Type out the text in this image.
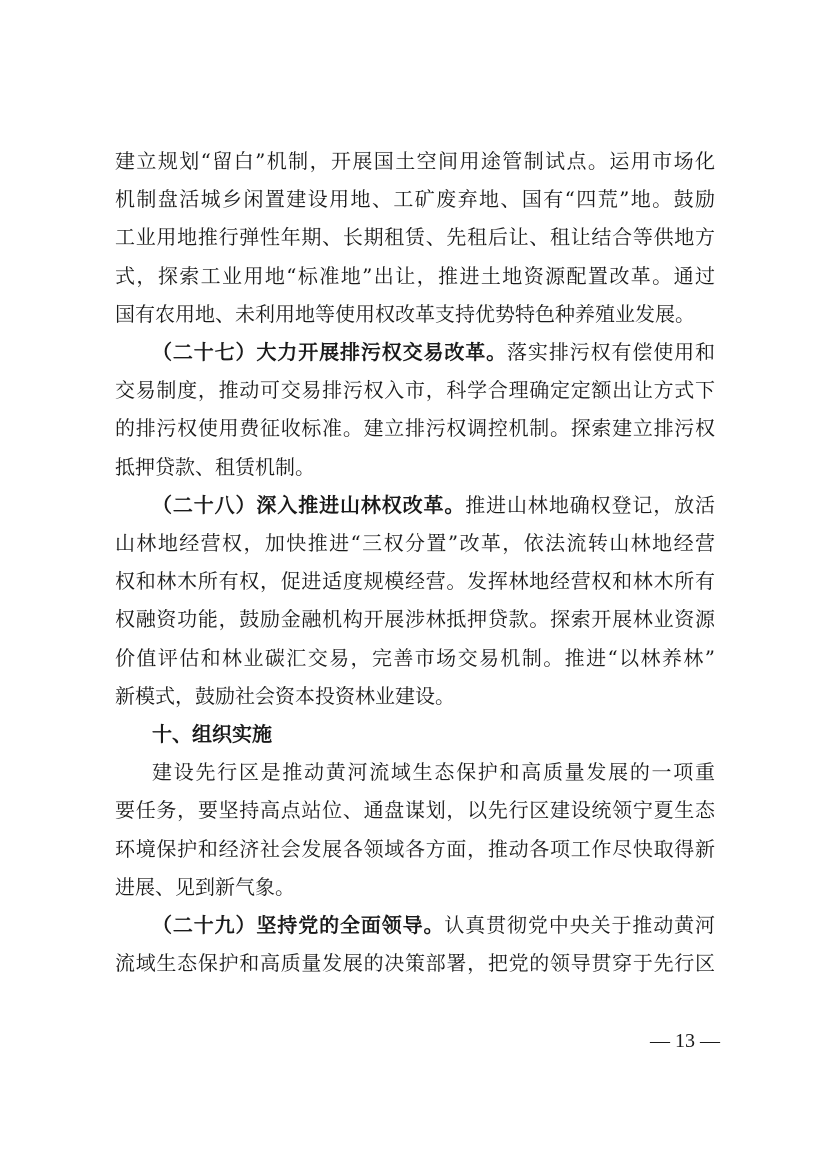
建立规划“留白”机制，开展国土空间用途管制试点。运用市场化
机制盘活城乡闲置建设用地、工矿废弃地、国有“四荒”地。鼓励
工业用地推行弹性年期、长期租赁、先租后让、租让结合等供地方
式，探索工业用地“标准地”出让，推进土地资源配置改革。通过
国有农用地、未利用地等使用权改革支持优势特色种养殖业发展。
（二十七）大力开展排污权交易改革。落实排污权有偿使用和
交易制度，推动可交易排污权入市，科学合理确定定额出让方式下
的排污权使用费征收标准。建立排污权调控机制。探索建立排污权
抵押贷款、租赁机制。
（二十八）深入推进山林权改革。推进山林地确权登记，放活
山林地经营权，加快推进“三权分置”改革，依法流转山林地经营
权和林木所有权，促进适度规模经营。发挥林地经营权和林木所有
权融资功能，鼓励金融机构开展涉林抵押贷款。探索开展林业资源
价值评估和林业碳汇交易，完善市场交易机制。推进“以林养林”
新模式，鼓励社会资本投资林业建设。
十、组织实施
建设先行区是推动黄河流域生态保护和高质量发展的一项重
要任务，要坚持高点站位、通盘谋划，以先行区建设统领宁夏生态
环境保护和经济社会发展各领域各方面，推动各项工作尽快取得新
进展、见到新气象。
（二十九）坚持党的全面领导。认真贯彻党中央关于推动黄河
流域生态保护和高质量发展的决策部署，把党的领导贯穿于先行区
— 13 —
